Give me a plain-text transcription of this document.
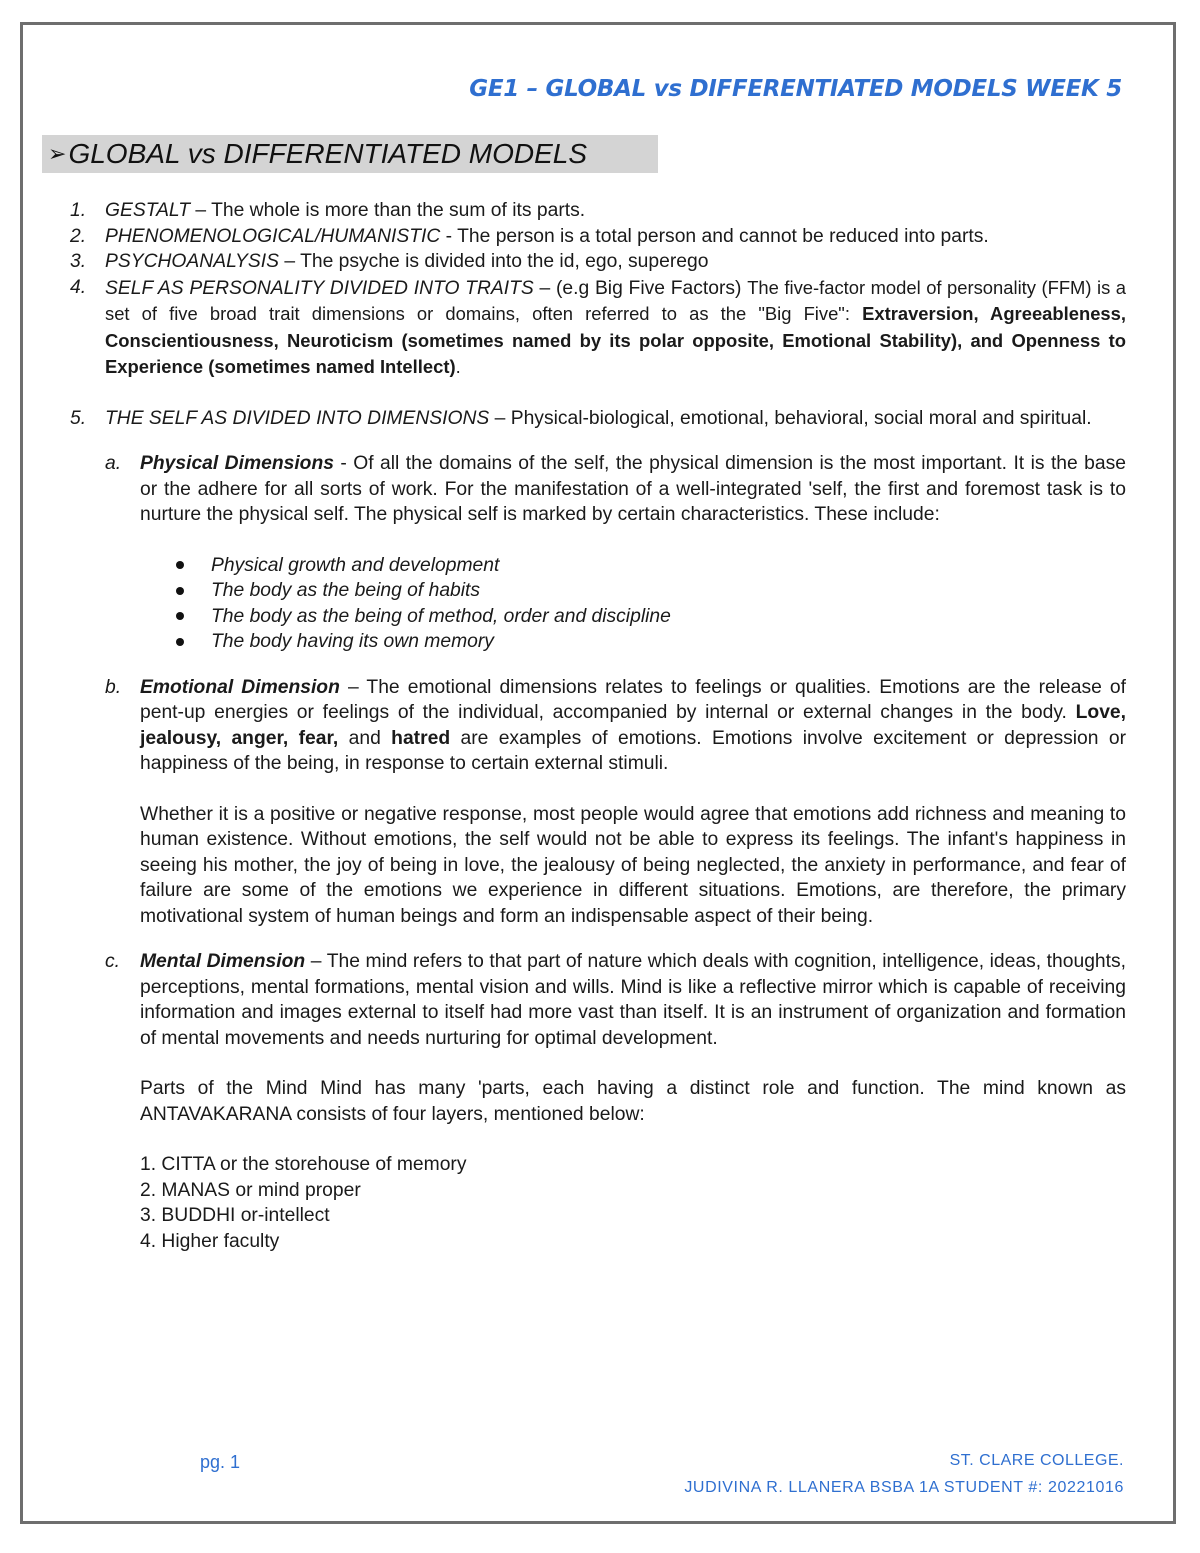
GE1 – GLOBAL vs DIFFERENTIATED MODELS WEEK 5
➢GLOBAL vs DIFFERENTIATED MODELS
1. GESTALT – The whole is more than the sum of its parts.
2. PHENOMENOLOGICAL/HUMANISTIC - The person is a total person and cannot be reduced into parts.
3. PSYCHOANALYSIS – The psyche is divided into the id, ego, superego
4. SELF AS PERSONALITY DIVIDED INTO TRAITS – (e.g Big Five Factors) The five-factor model of personality (FFM) is a set of five broad trait dimensions or domains, often referred to as the "Big Five": Extraversion, Agreeableness, Conscientiousness, Neuroticism (sometimes named by its polar opposite, Emotional Stability), and Openness to Experience (sometimes named Intellect).
5. THE SELF AS DIVIDED INTO DIMENSIONS – Physical-biological, emotional, behavioral, social moral and spiritual.
a. Physical Dimensions - Of all the domains of the self, the physical dimension is the most important. It is the base or the adhere for all sorts of work. For the manifestation of a well-integrated 'self, the first and foremost task is to nurture the physical self. The physical self is marked by certain characteristics. These include:
Physical growth and development
The body as the being of habits
The body as the being of method, order and discipline
The body having its own memory
b. Emotional Dimension – The emotional dimensions relates to feelings or qualities. Emotions are the release of pent-up energies or feelings of the individual, accompanied by internal or external changes in the body. Love, jealousy, anger, fear, and hatred are examples of emotions. Emotions involve excitement or depression or happiness of the being, in response to certain external stimuli.
Whether it is a positive or negative response, most people would agree that emotions add richness and meaning to human existence. Without emotions, the self would not be able to express its feelings. The infant's happiness in seeing his mother, the joy of being in love, the jealousy of being neglected, the anxiety in performance, and fear of failure are some of the emotions we experience in different situations. Emotions, are therefore, the primary motivational system of human beings and form an indispensable aspect of their being.
c.	Mental Dimension – The mind refers to that part of nature which deals with cognition, intelligence, ideas, thoughts, perceptions, mental formations, mental vision and wills. Mind is like a reflective mirror which is capable of receiving information and images external to itself had more vast than itself. It is an instrument of organization and formation of mental movements and needs nurturing for optimal development.
Parts of the Mind Mind has many 'parts, each having a distinct role and function. The mind known as ANTAVAKARANA consists of four layers, mentioned below:
1. CITTA or the storehouse of memory
2. MANAS or mind proper
3. BUDDHI or-intellect
4. Higher faculty

pg. 1	ST. CLARE COLLEGE.

JUDIVINA R. LLANERA BSBA 1A STUDENT #: 20221016
